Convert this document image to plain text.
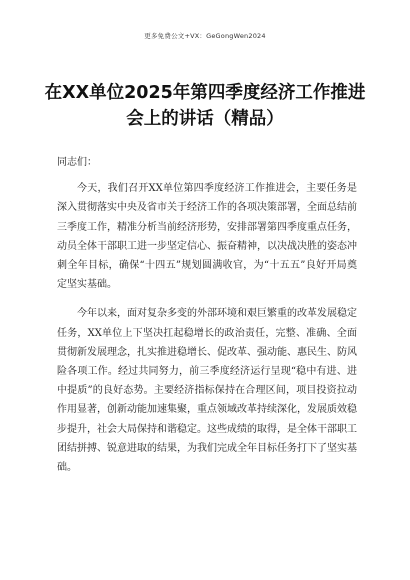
更多免费公文+VX：GeGongWen2024
在XX单位2025年第四季度经济工作推进
会上的讲话（精品）

同志们：

今天，我们召开XX单位第四季度经济工作推进会，主要任务是深入贯彻落实中央及省市关于经济工作的各项决策部署，全面总结前三季度工作，精准分析当前经济形势，安排部署第四季度重点任务，动员全体干部职工进一步坚定信心、振奋精神，以决战决胜的姿态冲刺全年目标，确保“十四五”规划圆满收官，为“十五五”良好开局奠定坚实基础。

今年以来，面对复杂多变的外部环境和艰巨繁重的改革发展稳定任务，XX单位上下坚决扛起稳增长的政治责任，完整、准确、全面贯彻新发展理念，扎实推进稳增长、促改革、强动能、惠民生、防风险各项工作。经过共同努力，前三季度经济运行呈现“稳中有进、进中提质”的良好态势。主要经济指标保持在合理区间，项目投资拉动作用显著，创新动能加速集聚，重点领域改革持续深化，发展质效稳步提升，社会大局保持和谐稳定。这些成绩的取得，是全体干部职工团结拼搏、锐意进取的结果，为我们完成全年目标任务打下了坚实基础。
